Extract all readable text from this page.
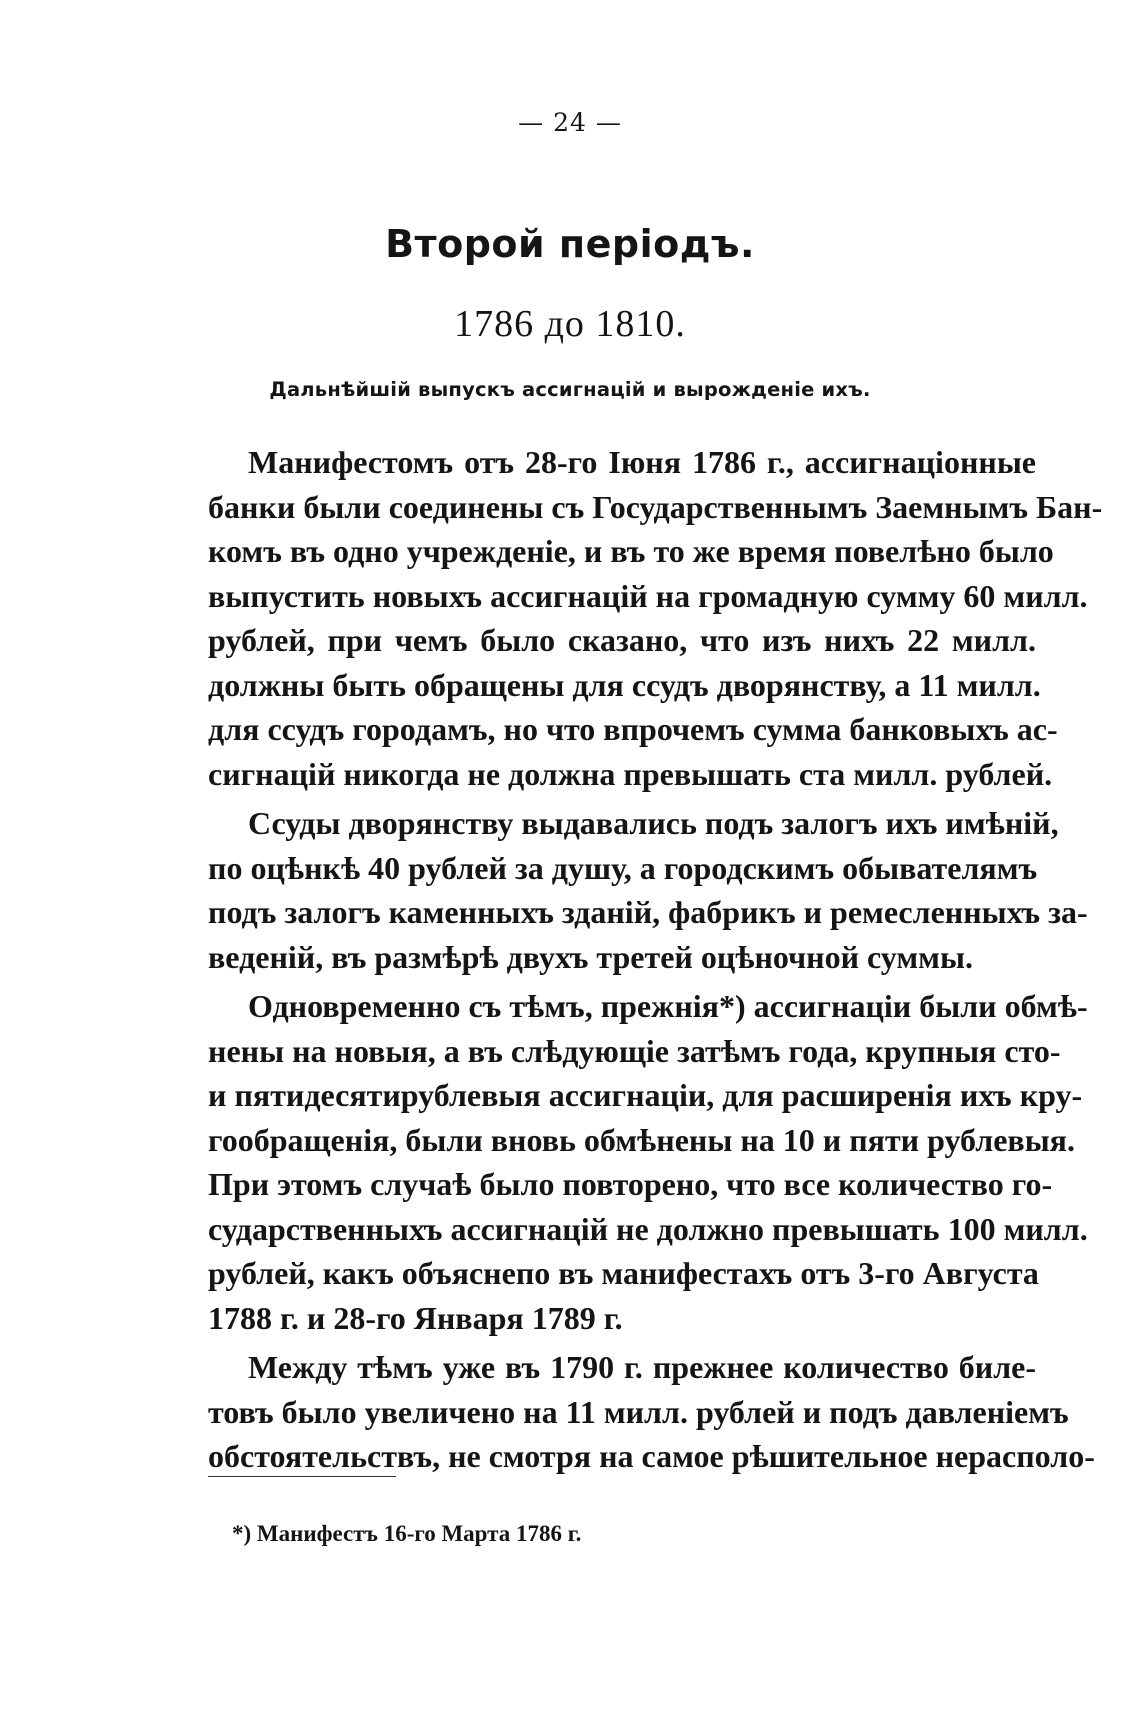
— 24 —
Второй періодъ.
1786 до 1810.
Дальнѣйшій выпускъ ассигнацій и вырожденіе ихъ.
Манифестомъ отъ 28-го Іюня 1786 г., ассигнаціонные
банки были соединены съ Государственнымъ Заемнымъ Бан-
комъ въ одно учрежденіе, и въ то же время повелѣно было
выпустить новыхъ ассигнацій на громадную сумму 60 милл.
рублей, при чемъ было сказано, что изъ нихъ 22 милл.
должны быть обращены для ссудъ дворянству, а 11 милл.
для ссудъ городамъ, но что впрочемъ сумма банковыхъ ас-
сигнацій никогда не должна превышать ста милл. рублей.
Ссуды дворянству выдавались подъ залогъ ихъ имѣній,
по оцѣнкѣ 40 рублей за душу, а городскимъ обывателямъ
подъ залогъ каменныхъ зданій, фабрикъ и ремесленныхъ за-
веденій, въ размѣрѣ двухъ третей оцѣночной суммы.
Одновременно съ тѣмъ, прежнія*) ассигнаціи были обмѣ-
нены на новыя, а въ слѣдующіе затѣмъ года, крупныя сто-
и пятидесятирублевыя ассигнаціи, для расширенія ихъ кру-
гообращенія, были вновь обмѣнены на 10 и пяти рублевыя.
При этомъ случаѣ было повторено, что все количество го-
сударственныхъ ассигнацій не должно превышать 100 милл.
рублей, какъ объяснепо въ манифестахъ отъ 3-го Августа
1788 г. и 28-го Января 1789 г.
Между тѣмъ уже въ 1790 г. прежнее количество биле-
товъ было увеличено на 11 милл. рублей и подъ давленіемъ
обстоятельствъ, не смотря на самое рѣшительное нерасполо-
*) Манифестъ 16-го Марта 1786 г.
